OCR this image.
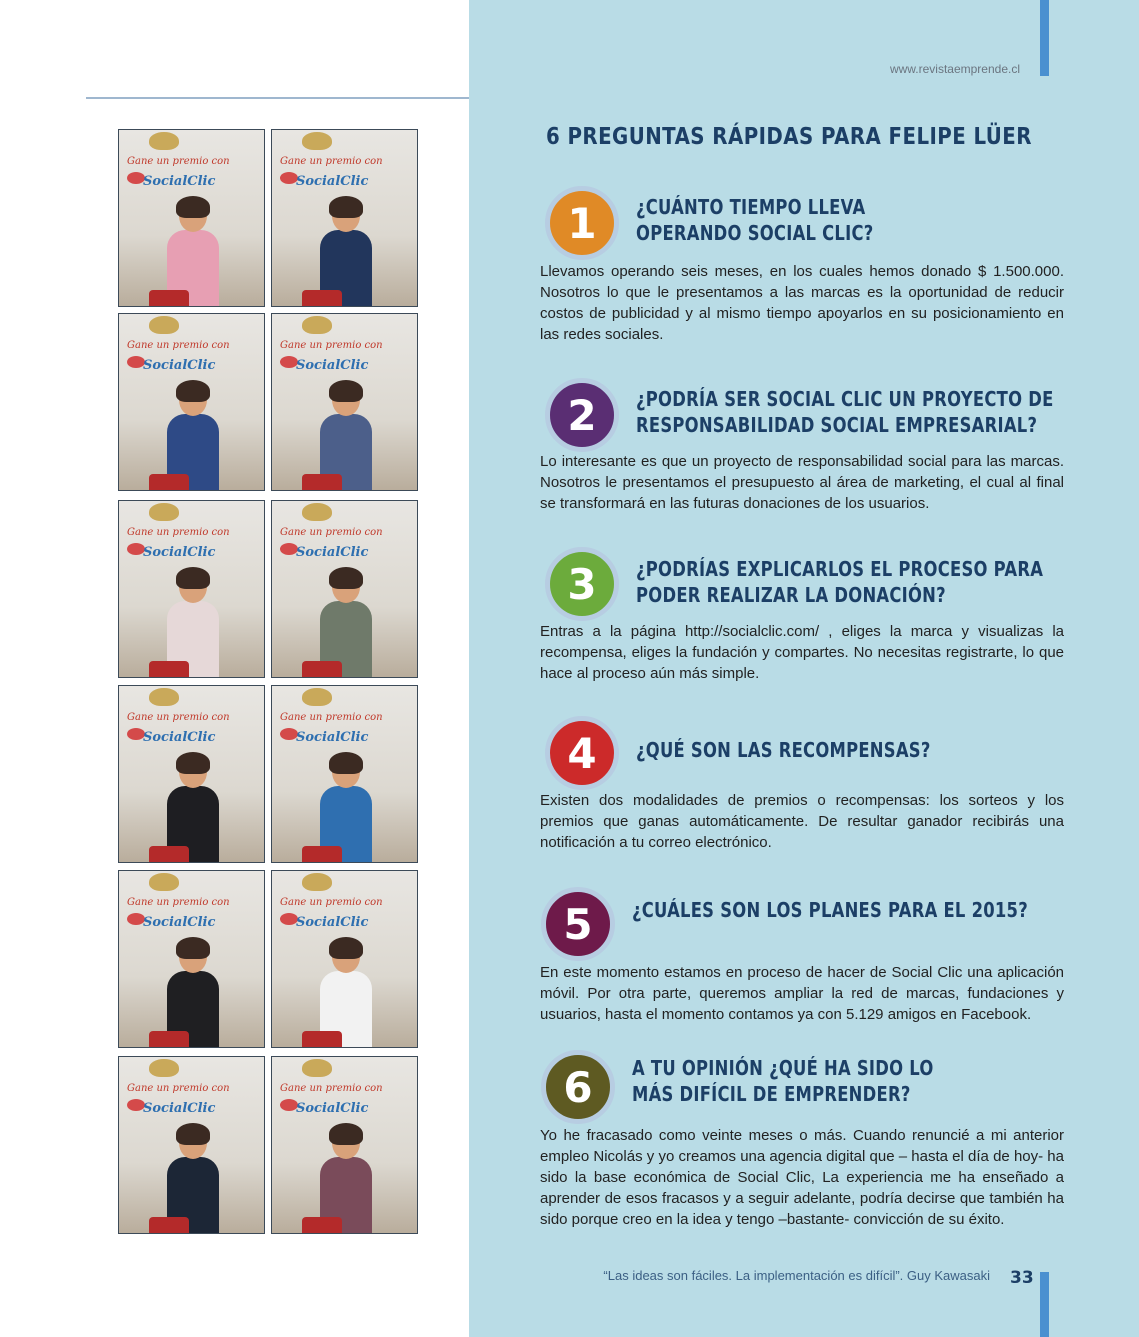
Gane un premio con
SocialClic
Gane un premio con
SocialClic
Gane un premio con
SocialClic
Gane un premio con
SocialClic
Gane un premio con
SocialClic
Gane un premio con
SocialClic
Gane un premio con
SocialClic
Gane un premio con
SocialClic
Gane un premio con
SocialClic
Gane un premio con
SocialClic
Gane un premio con
SocialClic
Gane un premio con
SocialClic
www.revistaemprende.cl
6 PREGUNTAS RÁPIDAS PARA FELIPE LÜER
1	¿CUÁNTO TIEMPO LLEVA
OPERANDO SOCIAL CLIC?

Llevamos operando seis meses, en los cuales hemos donado $ 1.500.000. Nosotros lo que le presentamos a las marcas es la oportunidad de reducir costos de publicidad y al mismo tiempo apoyarlos en su posicionamiento en las redes sociales.

2	¿PODRÍA SER SOCIAL CLIC UN PROYECTO DE
RESPONSABILIDAD SOCIAL EMPRESARIAL?

Lo interesante es que un proyecto de responsabilidad social para las marcas. Nosotros le presentamos el presupuesto al área de marketing, el cual al final se transformará en las futuras donaciones de los usuarios.

3	¿PODRÍAS EXPLICARLOS EL PROCESO PARA
PODER REALIZAR LA DONACIÓN?

Entras a la página http://socialclic.com/ , eliges la marca y visualizas la recompensa, eliges la fundación y compartes. No necesitas registrarte, lo que hace al proceso aún más simple.

4	¿QUÉ SON LAS RECOMPENSAS?

Existen dos modalidades de premios o recompensas: los sorteos y los premios que ganas automáticamente. De resultar ganador recibirás una notificación a tu correo electrónico.

5	¿CUÁLES SON LOS PLANES PARA EL 2015?

En este momento estamos en proceso de hacer de Social Clic una aplicación móvil. Por otra parte, queremos ampliar la red de marcas, fundaciones y usuarios, hasta el momento contamos ya con 5.129 amigos en Facebook.

6	A TU OPINIÓN ¿QUÉ HA SIDO LO
MÁS DIFÍCIL DE EMPRENDER?

Yo he fracasado como veinte meses o más. Cuando renuncié a mi anterior empleo Nicolás y yo creamos una agencia digital que – hasta el día de hoy- ha sido la base económica de Social Clic, La experiencia me ha enseñado a aprender de esos fracasos y a seguir adelante, podría decirse que también ha sido porque creo en la idea y tengo –bastante- convicción de su éxito.

“Las ideas son fáciles. La implementación es difícil”. Guy Kawasaki 33
